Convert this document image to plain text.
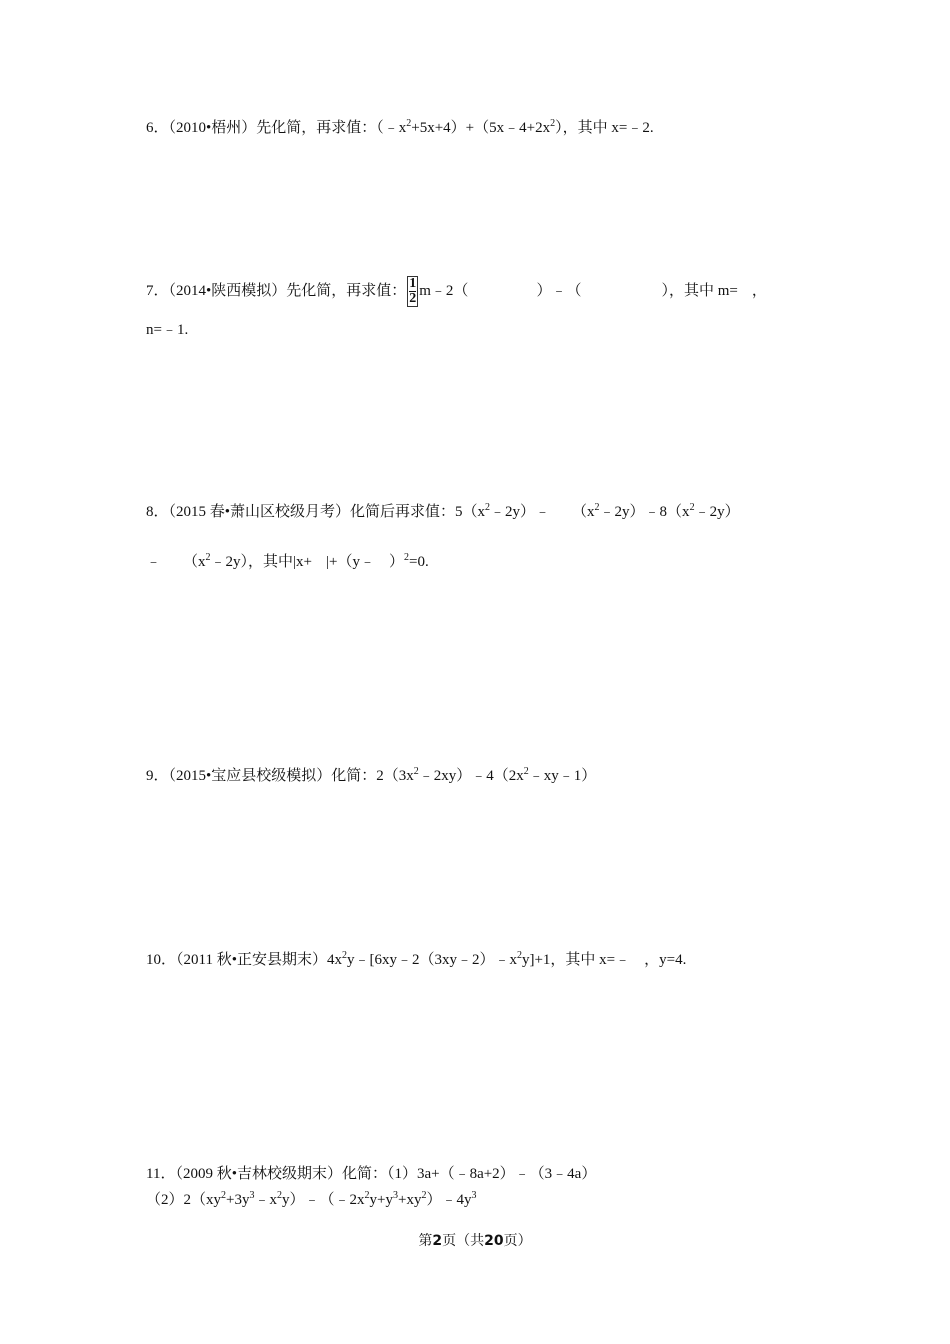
6．（2010•梧州）先化简，再求值：$(﹣x^2+5x+4)+(5x﹣4+2x^2)$，其中 x=﹣2.
7．（2014•陕西模拟）先化简，再求值： $\frac{1}{2}$ m﹣2（	）﹣（	），其中 m= ，
n=﹣1.
8．（2015 春•萧山区校级月考）化简后再求值：$5(x^2﹣2y)﹣$ $(x^2﹣2y)﹣8(x^2﹣2y)$
﹣ $(x^2﹣2y)$，其中|x+ |+（y﹣ ）$^2$=0.
9．（2015•宝应县校级模拟）化简：$2(3x^2﹣2xy)﹣4(2x^2﹣xy﹣1)$
10．（2011 秋•正安县期末）$4x^2y﹣[6xy﹣2(3xy﹣2)﹣x^2y]+1$，其中 x=﹣ ，y=4.
11．（2009 秋•吉林校级期末）化简：（1）3a+（﹣8a+2）﹣（3﹣4a）
$(2)2(xy^2+3y^3﹣x^2y)﹣(﹣2x^2y+y^3+xy^2)﹣4y^3$
第2页（共20页）
